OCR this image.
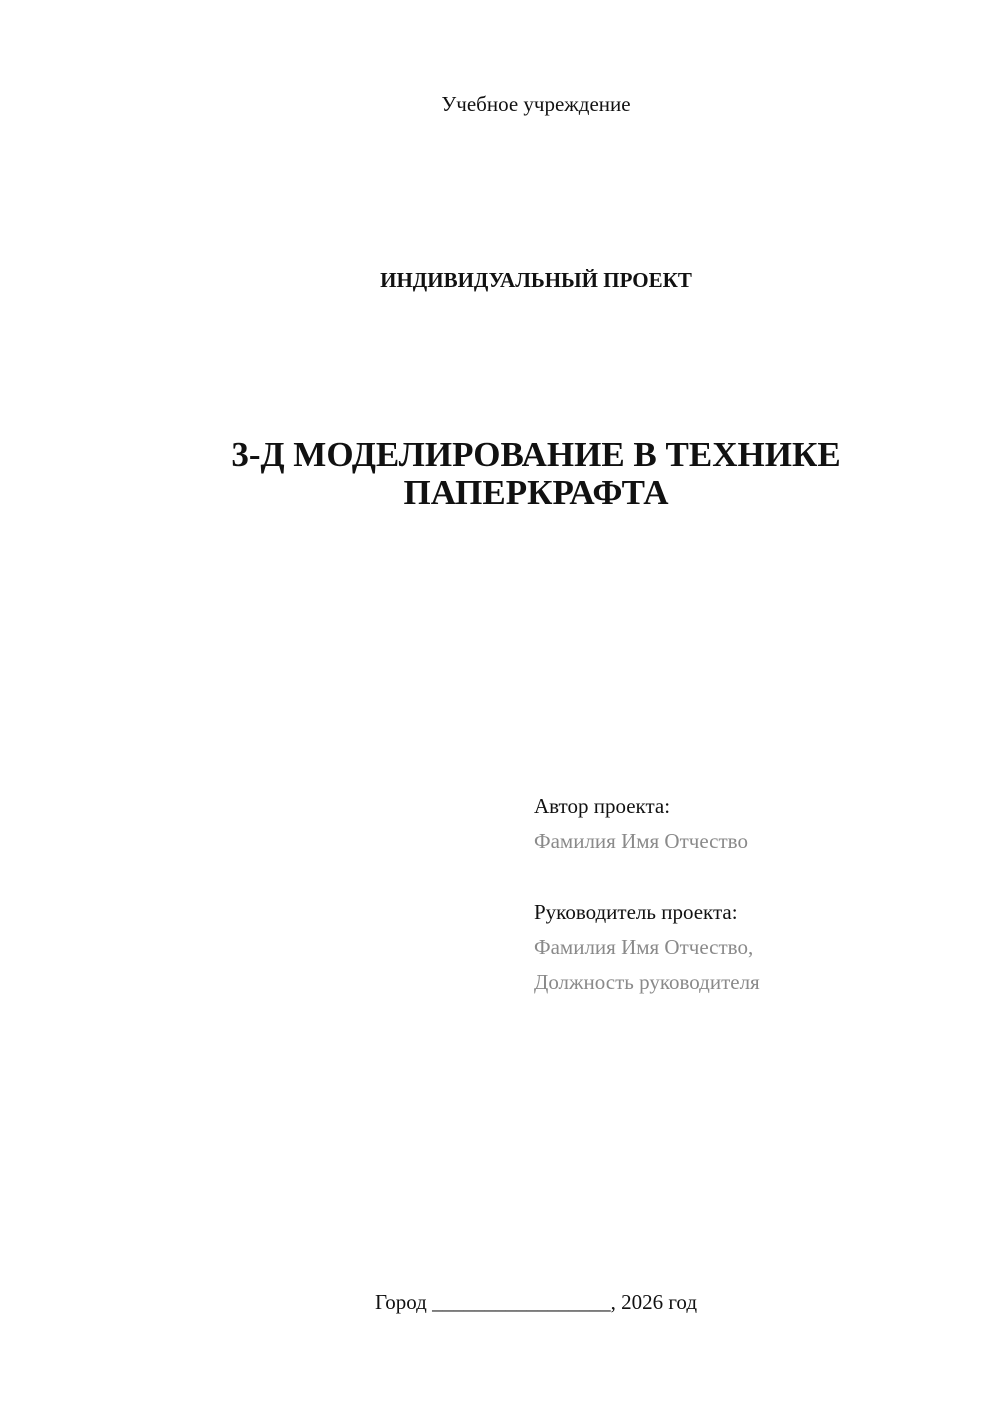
Учебное учреждение
ИНДИВИДУАЛЬНЫЙ ПРОЕКТ
3-Д МОДЕЛИРОВАНИЕ В ТЕХНИКЕ
ПАПЕРКРАФТА
Автор проекта:
Фамилия Имя Отчество
Руководитель проекта:
Фамилия Имя Отчество,
Должность руководителя
Город _________________, 2026 год
